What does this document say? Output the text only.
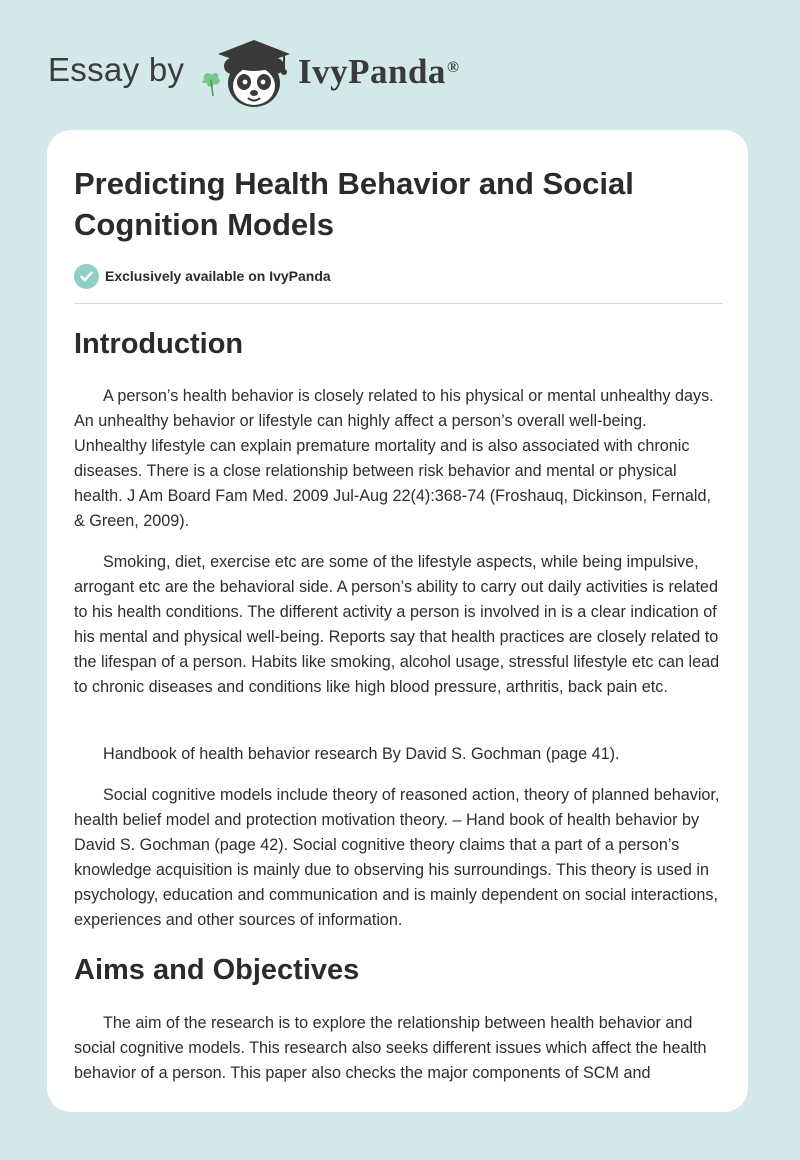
Essay by	IvyPanda®
Predicting Health Behavior and Social Cognition Models
Exclusively available on IvyPanda
Introduction

A person’s health behavior is closely related to his physical or mental unhealthy days. An unhealthy behavior or lifestyle can highly affect a person’s overall well-being. Unhealthy lifestyle can explain premature mortality and is also associated with chronic diseases. There is a close relationship between risk behavior and mental or physical health. J Am Board Fam Med. 2009 Jul-Aug 22(4):368-74 (Froshauq, Dickinson, Fernald, & Green, 2009).

Smoking, diet, exercise etc are some of the lifestyle aspects, while being impulsive, arrogant etc are the behavioral side. A person’s ability to carry out daily activities is related to his health conditions. The different activity a person is involved in is a clear indication of his mental and physical well-being. Reports say that health practices are closely related to the lifespan of a person. Habits like smoking, alcohol usage, stressful lifestyle etc can lead to chronic diseases and conditions like high blood pressure, arthritis, back pain etc.

Handbook of health behavior research By David S. Gochman (page 41).

Social cognitive models include theory of reasoned action, theory of planned behavior, health belief model and protection motivation theory. – Hand book of health behavior by David S. Gochman (page 42). Social cognitive theory claims that a part of a person’s knowledge acquisition is mainly due to observing his surroundings. This theory is used in psychology, education and communication and is mainly dependent on social interactions, experiences and other sources of information.

Aims and Objectives

The aim of the research is to explore the relationship between health behavior and social cognitive models. This research also seeks different issues which affect the health behavior of a person. This paper also checks the major components of SCM and
